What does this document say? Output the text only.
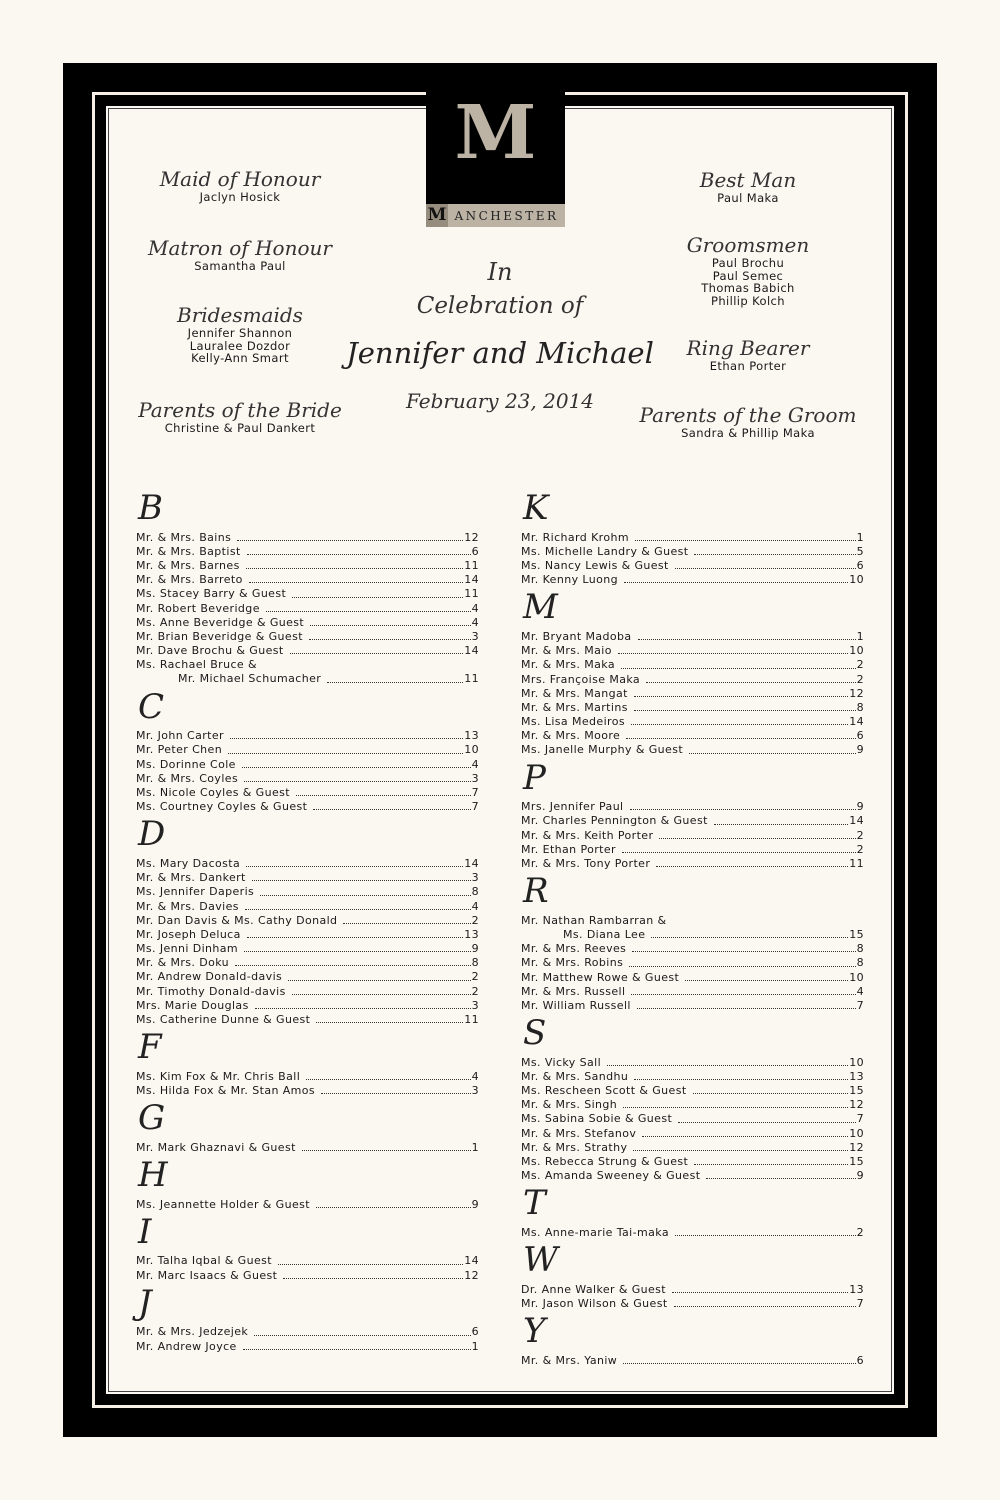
M
M ANCHESTER
Maid of Honour
Jaclyn Hosick
Matron of Honour
Samantha Paul
Bridesmaids
Jennifer Shannon
Lauralee Dozdor
Kelly-Ann Smart
Parents of the Bride
Christine & Paul Dankert
Best Man
Paul Maka
Groomsmen
Paul Brochu
Paul Semec
Thomas Babich
Phillip Kolch
Ring Bearer
Ethan Porter
Parents of the Groom
Sandra & Phillip Maka
In
Celebration of
Jennifer and Michael
February 23, 2014
B
Mr. & Mrs. Bains	12
Mr. & Mrs. Baptist	6
Mr. & Mrs. Barnes	11
Mr. & Mrs. Barreto	14
Ms. Stacey Barry & Guest	11
Mr. Robert Beveridge	4
Ms. Anne Beveridge & Guest	4
Mr. Brian Beveridge & Guest	3
Mr. Dave Brochu & Guest	14
Ms. Rachael Bruce &
Mr. Michael Schumacher	11
C
Mr. John Carter	13
Mr. Peter Chen	10
Ms. Dorinne Cole	4
Mr. & Mrs. Coyles	3
Ms. Nicole Coyles & Guest	7
Ms. Courtney Coyles & Guest	7
D
Ms. Mary Dacosta	14
Mr. & Mrs. Dankert	3
Ms. Jennifer Daperis	8
Mr. & Mrs. Davies	4
Mr. Dan Davis & Ms. Cathy Donald	2
Mr. Joseph Deluca	13
Ms. Jenni Dinham	9
Mr. & Mrs. Doku	8
Mr. Andrew Donald-davis	2
Mr. Timothy Donald-davis	2
Mrs. Marie Douglas	3
Ms. Catherine Dunne & Guest	11
F
Ms. Kim Fox & Mr. Chris Ball	4
Ms. Hilda Fox & Mr. Stan Amos	3
G
Mr. Mark Ghaznavi & Guest	1
H
Ms. Jeannette Holder & Guest	9
I
Mr. Talha Iqbal & Guest	14
Mr. Marc Isaacs & Guest	12
J
Mr. & Mrs. Jedzejek	6
Mr. Andrew Joyce	1
K
Mr. Richard Krohm	1
Ms. Michelle Landry & Guest	5
Ms. Nancy Lewis & Guest	6
Mr. Kenny Luong	10
M
Mr. Bryant Madoba	1
Mr. & Mrs. Maio	10
Mr. & Mrs. Maka	2
Mrs. Françoise Maka	2
Mr. & Mrs. Mangat	12
Mr. & Mrs. Martins	8
Ms. Lisa Medeiros	14
Mr. & Mrs. Moore	6
Ms. Janelle Murphy & Guest	9
P
Mrs. Jennifer Paul	9
Mr. Charles Pennington & Guest	14
Mr. & Mrs. Keith Porter	2
Mr. Ethan Porter	2
Mr. & Mrs. Tony Porter	11
R
Mr. Nathan Rambarran &
Ms. Diana Lee	15
Mr. & Mrs. Reeves	8
Mr. & Mrs. Robins	8
Mr. Matthew Rowe & Guest	10
Mr. & Mrs. Russell	4
Mr. William Russell	7
S
Ms. Vicky Sall	10
Mr. & Mrs. Sandhu	13
Ms. Rescheen Scott & Guest	15
Mr. & Mrs. Singh	12
Ms. Sabina Sobie & Guest	7
Mr. & Mrs. Stefanov	10
Mr. & Mrs. Strathy	12
Ms. Rebecca Strung & Guest	15
Ms. Amanda Sweeney & Guest	9
T
Ms. Anne-marie Tai-maka	2
W
Dr. Anne Walker & Guest	13
Mr. Jason Wilson & Guest	7
Y
Mr. & Mrs. Yaniw	6
